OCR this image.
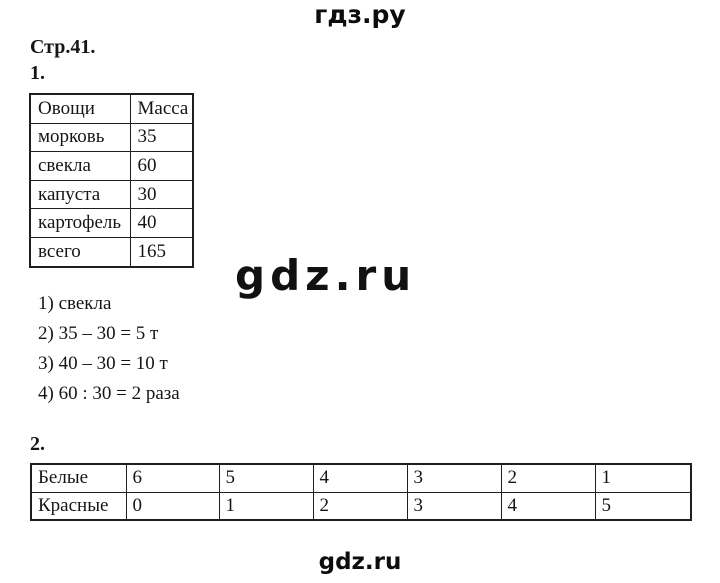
гдз.ру
Стр.41.
1.
Овощи	Масса
морковь	35
свекла	60
капуста	30
картофель	40
всего	165 gdz.ru
1) свекла
2) 35 – 30 = 5 т
3) 40 – 30 = 10 т
4) 60 : 30 = 2 раза
2.
Белые	6	5	4	3	2	1
Красные	0	1	2	3	4	5
gdz.ru
